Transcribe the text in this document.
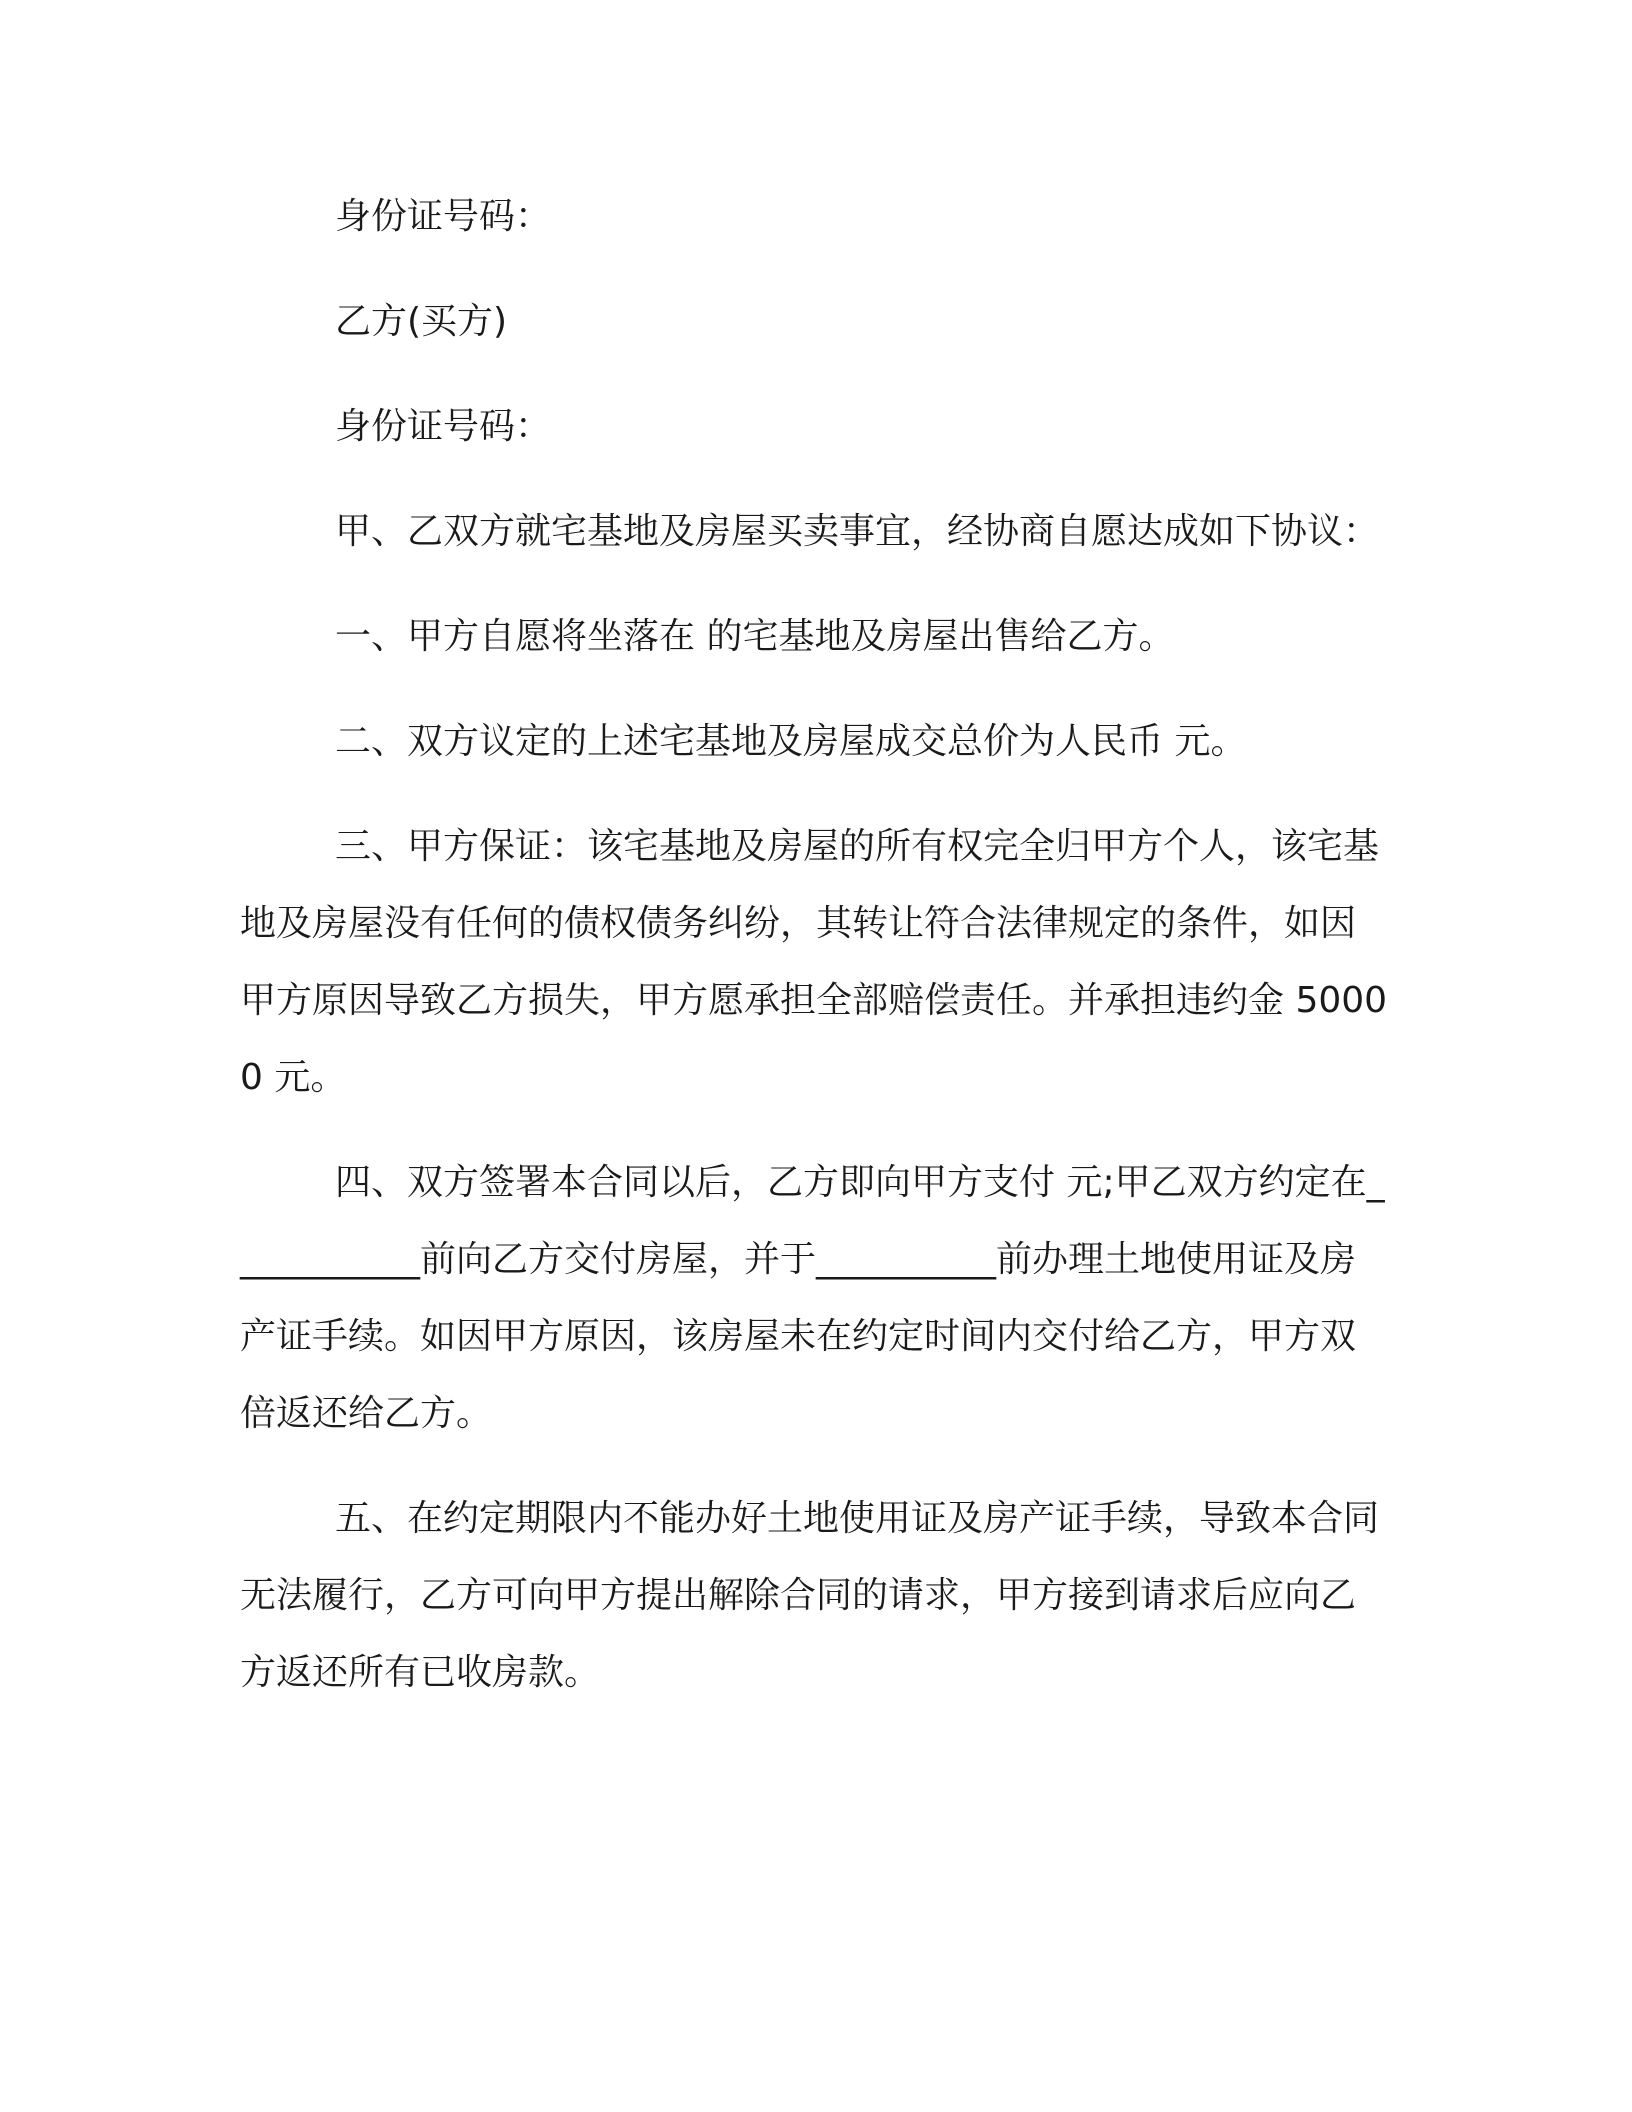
身份证号码：

乙方(买方)

身份证号码：

甲、乙双方就宅基地及房屋买卖事宜，经协商自愿达成如下协议：

一、甲方自愿将坐落在 的宅基地及房屋出售给乙方。

二、双方议定的上述宅基地及房屋成交总价为人民币 元。

三、甲方保证：该宅基地及房屋的所有权完全归甲方个人，该宅基地及房屋没有任何的债权债务纠纷，其转让符合法律规定的条件，如因甲方原因导致乙方损失，甲方愿承担全部赔偿责任。并承担违约金 50000 元。

四、双方签署本合同以后，乙方即向甲方支付 元;甲乙双方约定在___________前向乙方交付房屋，并于__________前办理土地使用证及房产证手续。如因甲方原因，该房屋未在约定时间内交付给乙方，甲方双倍返还给乙方。

五、在约定期限内不能办好土地使用证及房产证手续，导致本合同无法履行，乙方可向甲方提出解除合同的请求，甲方接到请求后应向乙方返还所有已收房款。
